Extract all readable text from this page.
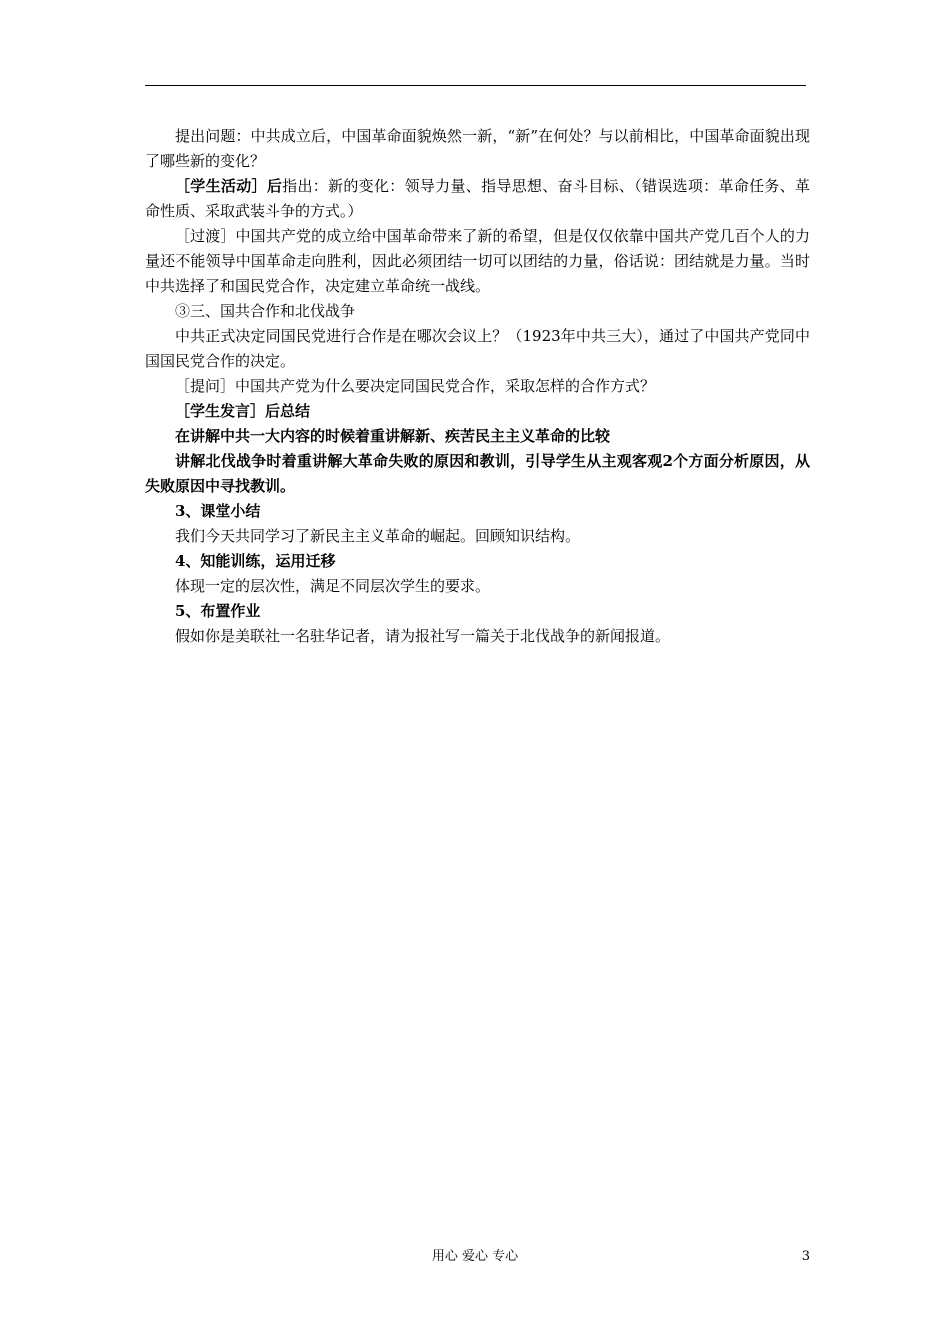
提出问题：中共成立后，中国革命面貌焕然一新，“新”在何处？与以前相比，中国革命面貌出现了哪些新的变化？

［学生活动］后指出：新的变化：领导力量、指导思想、奋斗目标、（错误选项：革命任务、革命性质、采取武装斗争的方式。）

［过渡］中国共产党的成立给中国革命带来了新的希望，但是仅仅依靠中国共产党几百个人的力量还不能领导中国革命走向胜利，因此必须团结一切可以团结的力量，俗话说：团结就是力量。当时中共选择了和国民党合作，决定建立革命统一战线。

③三、国共合作和北伐战争

中共正式决定同国民党进行合作是在哪次会议上？（1923年中共三大），通过了中国共产党同中国国民党合作的决定。

［提问］中国共产党为什么要决定同国民党合作，采取怎样的合作方式？

［学生发言］后总结

在讲解中共一大内容的时候着重讲解新、疾苦民主主义革命的比较

讲解北伐战争时着重讲解大革命失败的原因和教训，引导学生从主观客观2个方面分析原因，从失败原因中寻找教训。

3、课堂小结

我们今天共同学习了新民主主义革命的崛起。回顾知识结构。

4、知能训练，运用迁移

体现一定的层次性，满足不同层次学生的要求。

5、布置作业

假如你是美联社一名驻华记者，请为报社写一篇关于北伐战争的新闻报道。

用心 爱心 专心	3
